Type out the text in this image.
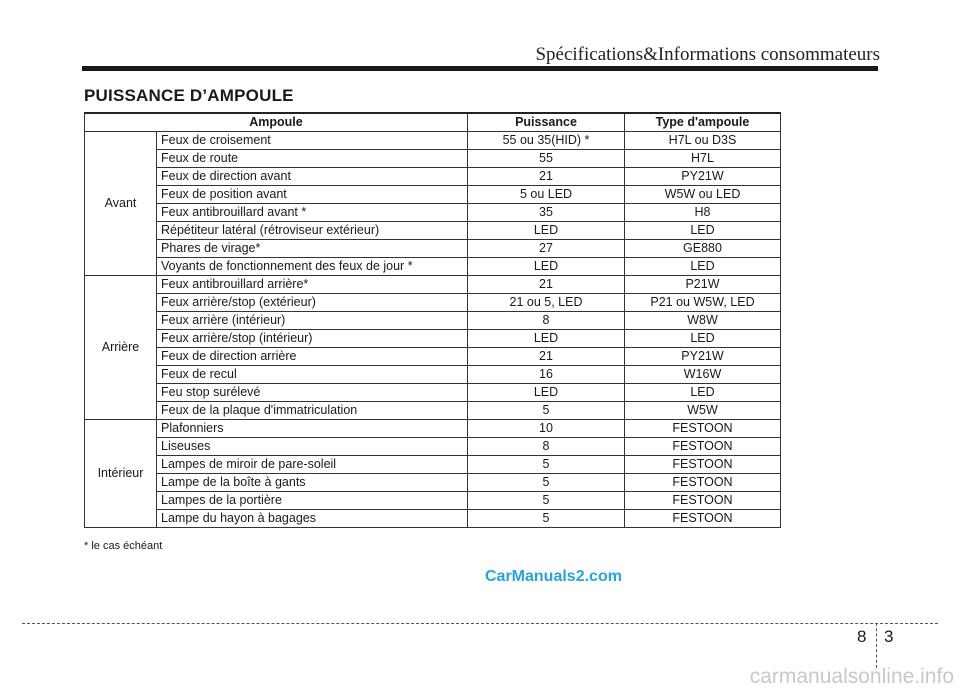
Spécifications&Informations consommateurs
PUISSANCE D’AMPOULE
Ampoule		Puissance	Type d'ampoule
Avant	Feux de croisement	55 ou 35(HID) *	H7L ou D3S
	Feux de route	55	H7L
	Feux de direction avant	21	PY21W
	Feux de position avant	5 ou LED	W5W ou LED
	Feux antibrouillard avant *	35	H8
	Répétiteur latéral (rétroviseur extérieur)	LED	LED
	Phares de virage*	27	GE880
	Voyants de fonctionnement des feux de jour *	LED	LED
Arrière	Feux antibrouillard arrière*	21	P21W
	Feux arrière/stop (extérieur)	21 ou 5, LED	P21 ou W5W, LED
	Feux arrière (intérieur)	8	W8W
	Feux arrière/stop (intérieur)	LED	LED
	Feux de direction arrière	21	PY21W
	Feux de recul	16	W16W
	Feu stop surélevé	LED	LED
	Feux de la plaque d'immatriculation	5	W5W
Intérieur	Plafonniers	10	FESTOON
	Liseuses	8	FESTOON
	Lampes de miroir de pare-soleil	5	FESTOON
	Lampe de la boîte à gants	5	FESTOON
	Lampes de la portière	5	FESTOON
	Lampe du hayon à bagages	5	FESTOON
* le cas échéant
CarManuals2.com
8 3
carmanualsonline.info
